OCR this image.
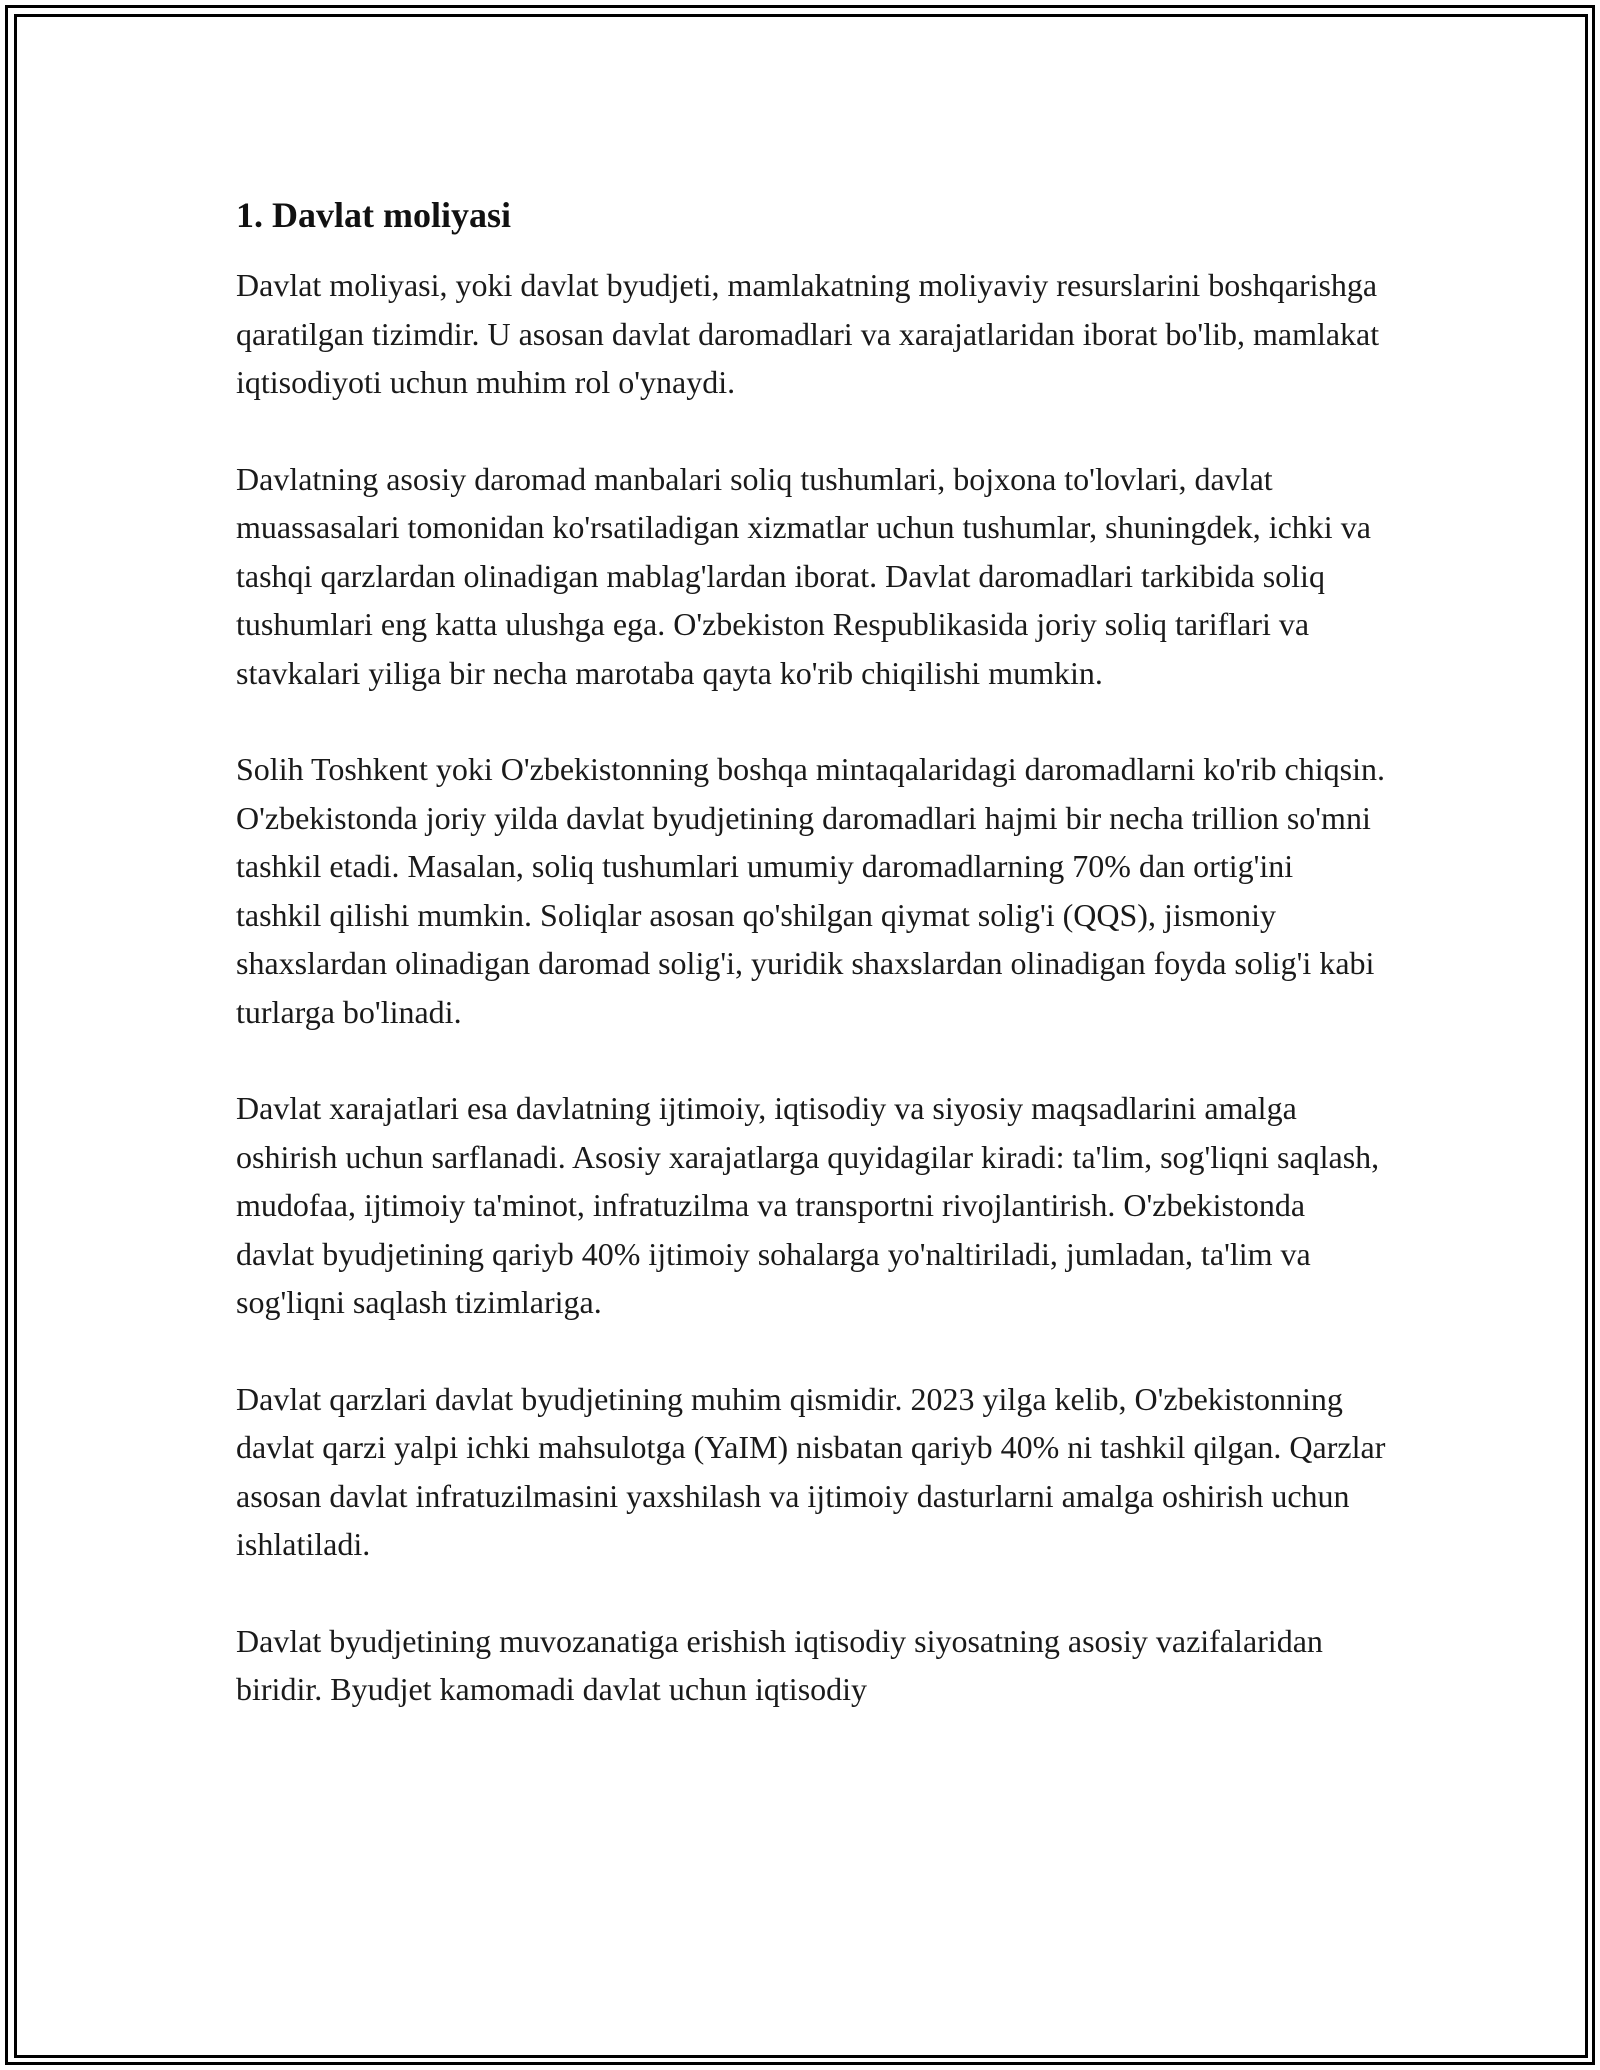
1. Davlat moliyasi

Davlat moliyasi, yoki davlat byudjeti, mamlakatning moliyaviy resurslarini boshqarishga qaratilgan tizimdir. U asosan davlat daromadlari va xarajatlaridan iborat bo'lib, mamlakat iqtisodiyoti uchun muhim rol o'ynaydi.

Davlatning asosiy daromad manbalari soliq tushumlari, bojxona to'lovlari, davlat muassasalari tomonidan ko'rsatiladigan xizmatlar uchun tushumlar, shuningdek, ichki va tashqi qarzlardan olinadigan mablag'lardan iborat. Davlat daromadlari tarkibida soliq tushumlari eng katta ulushga ega. O'zbekiston Respublikasida joriy soliq tariflari va stavkalari yiliga bir necha marotaba qayta ko'rib chiqilishi mumkin.

Solih Toshkent yoki O'zbekistonning boshqa mintaqalaridagi daromadlarni ko'rib chiqsin. O'zbekistonda joriy yilda davlat byudjetining daromadlari hajmi bir necha trillion so'mni tashkil etadi. Masalan, soliq tushumlari umumiy daromadlarning 70% dan ortig'ini tashkil qilishi mumkin. Soliqlar asosan qo'shilgan qiymat solig'i (QQS), jismoniy shaxslardan olinadigan daromad solig'i, yuridik shaxslardan olinadigan foyda solig'i kabi turlarga bo'linadi.

Davlat xarajatlari esa davlatning ijtimoiy, iqtisodiy va siyosiy maqsadlarini amalga oshirish uchun sarflanadi. Asosiy xarajatlarga quyidagilar kiradi: ta'lim, sog'liqni saqlash, mudofaa, ijtimoiy ta'minot, infratuzilma va transportni rivojlantirish. O'zbekistonda davlat byudjetining qariyb 40% ijtimoiy sohalarga yo'naltiriladi, jumladan, ta'lim va sog'liqni saqlash tizimlariga.

Davlat qarzlari davlat byudjetining muhim qismidir. 2023 yilga kelib, O'zbekistonning davlat qarzi yalpi ichki mahsulotga (YaIM) nisbatan qariyb 40% ni tashkil qilgan. Qarzlar asosan davlat infratuzilmasini yaxshilash va ijtimoiy dasturlarni amalga oshirish uchun ishlatiladi.

Davlat byudjetining muvozanatiga erishish iqtisodiy siyosatning asosiy vazifalaridan biridir. Byudjet kamomadi davlat uchun iqtisodiy
